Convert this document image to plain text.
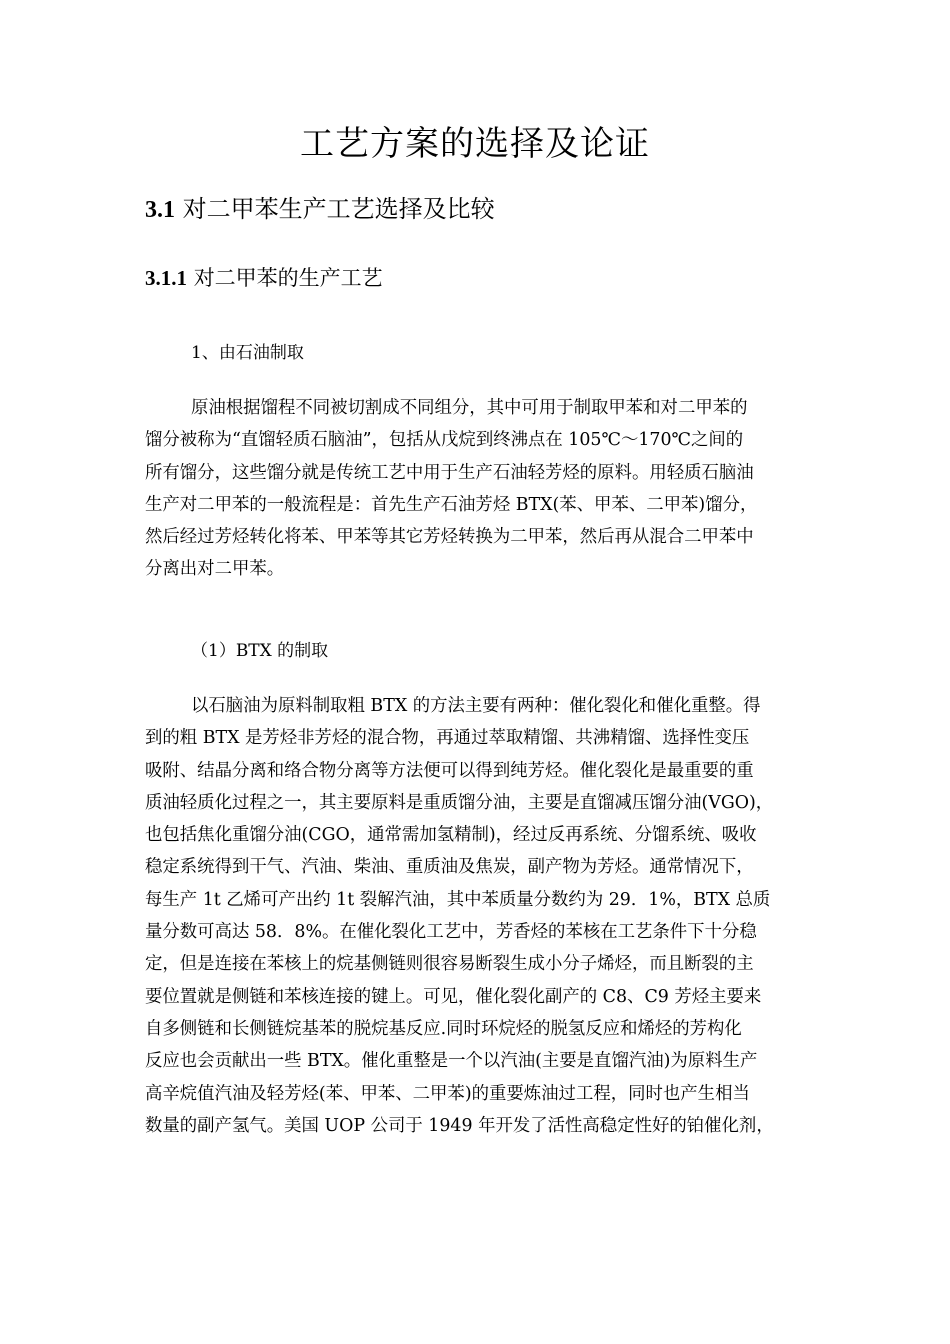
工艺方案的选择及论证
3.1 对二甲苯生产工艺选择及比较
3.1.1 对二甲苯的生产工艺

1、由石油制取

原油根据馏程不同被切割成不同组分，其中可用于制取甲苯和对二甲苯的
馏分被称为“直馏轻质石脑油”，包括从戊烷到终沸点在 105℃～170℃之间的
所有馏分，这些馏分就是传统工艺中用于生产石油轻芳烃的原料。用轻质石脑油
生产对二甲苯的一般流程是：首先生产石油芳烃 BTX(苯、甲苯、二甲苯)馏分，
然后经过芳烃转化将苯、甲苯等其它芳烃转换为二甲苯，然后再从混合二甲苯中
分离出对二甲苯。

（1）BTX 的制取

以石脑油为原料制取粗 BTX 的方法主要有两种：催化裂化和催化重整。得
到的粗 BTX 是芳烃非芳烃的混合物，再通过萃取精馏、共沸精馏、选择性变压
吸附、结晶分离和络合物分离等方法便可以得到纯芳烃。催化裂化是最重要的重
质油轻质化过程之一，其主要原料是重质馏分油，主要是直馏减压馏分油(VGO)，
也包括焦化重馏分油(CGO，通常需加氢精制)，经过反再系统、分馏系统、吸收
稳定系统得到干气、汽油、柴油、重质油及焦炭，副产物为芳烃。通常情况下，
每生产 1t 乙烯可产出约 1t 裂解汽油，其中苯质量分数约为 29．1%，BTX 总质
量分数可高达 58．8%。在催化裂化工艺中，芳香烃的苯核在工艺条件下十分稳
定，但是连接在苯核上的烷基侧链则很容易断裂生成小分子烯烃，而且断裂的主
要位置就是侧链和苯核连接的键上。可见，催化裂化副产的 C8、C9 芳烃主要来
自多侧链和长侧链烷基苯的脱烷基反应.同时环烷烃的脱氢反应和烯烃的芳构化
反应也会贡献出一些 BTX。催化重整是一个以汽油(主要是直馏汽油)为原料生产
高辛烷值汽油及轻芳烃(苯、甲苯、二甲苯)的重要炼油过工程，同时也产生相当
数量的副产氢气。美国 UOP 公司于 1949 年开发了活性高稳定性好的铂催化剂，
